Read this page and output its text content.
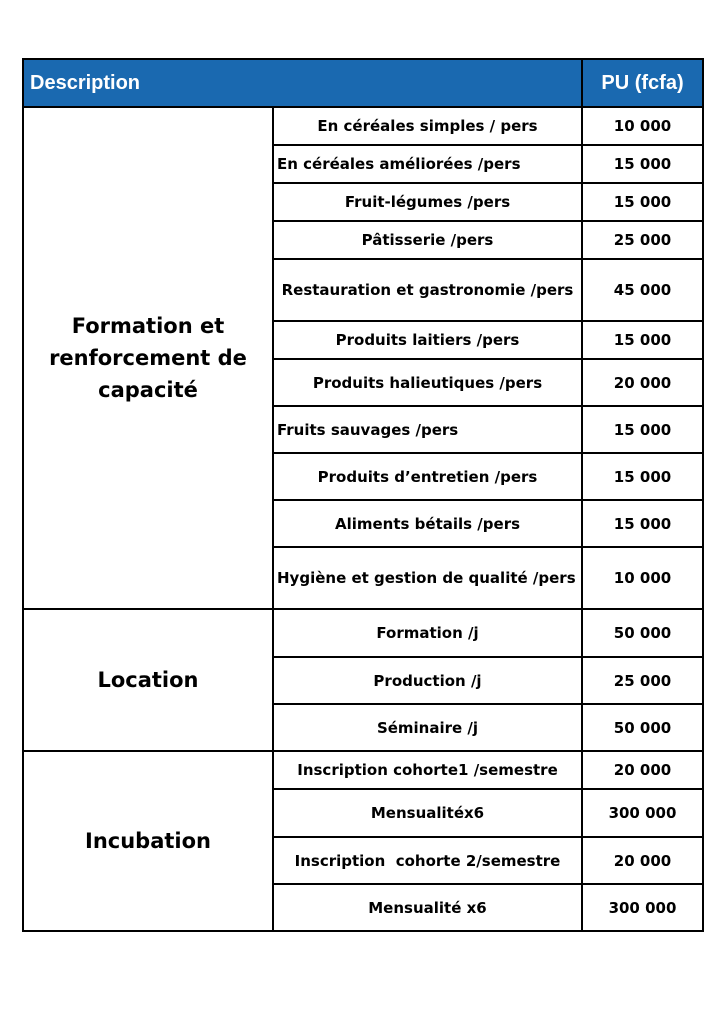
Description		PU (fcfa)
Formation et renforcement de capacité	En céréales simples / pers	10 000
	En céréales améliorées /pers	15 000
	Fruit-légumes /pers	15 000
	Pâtisserie /pers	25 000
	Restauration et gastronomie /pers	45 000
	Produits laitiers /pers	15 000
	Produits halieutiques /pers	20 000
	Fruits sauvages /pers	15 000
	Produits d’entretien /pers	15 000
	Aliments bétails /pers	15 000
	Hygiène et gestion de qualité /pers	10 000
Location	Formation /j	50 000
	Production /j	25 000
	Séminaire /j	50 000
Incubation	Inscription cohorte1 /semestre	20 000
	Mensualitéx6	300 000
	Inscription  cohorte 2/semestre	20 000
	Mensualité x6	300 000
